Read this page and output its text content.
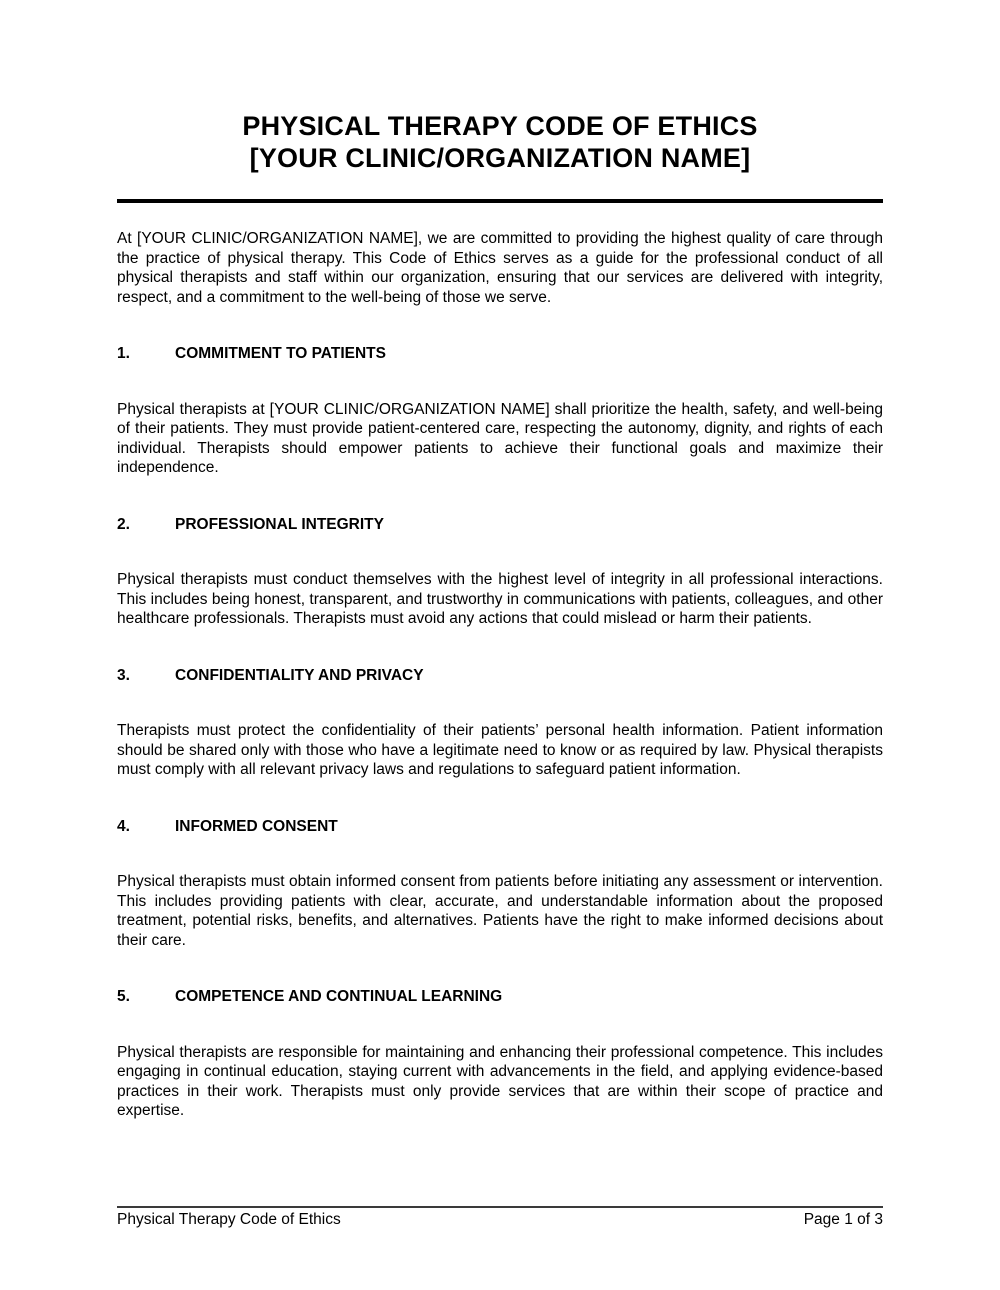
PHYSICAL THERAPY CODE OF ETHICS
[YOUR CLINIC/ORGANIZATION NAME]

At [YOUR CLINIC/ORGANIZATION NAME], we are committed to providing the highest quality of care through the practice of physical therapy. This Code of Ethics serves as a guide for the professional conduct of all physical therapists and staff within our organization, ensuring that our services are delivered with integrity, respect, and a commitment to the well-being of those we serve.

1.	COMMITMENT TO PATIENTS

Physical therapists at [YOUR CLINIC/ORGANIZATION NAME] shall prioritize the health, safety, and well-being of their patients. They must provide patient-centered care, respecting the autonomy, dignity, and rights of each individual. Therapists should empower patients to achieve their functional goals and maximize their independence.

2.	PROFESSIONAL INTEGRITY

Physical therapists must conduct themselves with the highest level of integrity in all professional interactions. This includes being honest, transparent, and trustworthy in communications with patients, colleagues, and other healthcare professionals. Therapists must avoid any actions that could mislead or harm their patients.

3.	CONFIDENTIALITY AND PRIVACY

Therapists must protect the confidentiality of their patients’ personal health information. Patient information should be shared only with those who have a legitimate need to know or as required by law. Physical therapists must comply with all relevant privacy laws and regulations to safeguard patient information.

4.	INFORMED CONSENT

Physical therapists must obtain informed consent from patients before initiating any assessment or intervention. This includes providing patients with clear, accurate, and understandable information about the proposed treatment, potential risks, benefits, and alternatives. Patients have the right to make informed decisions about their care.

5.	COMPETENCE AND CONTINUAL LEARNING

Physical therapists are responsible for maintaining and enhancing their professional competence. This includes engaging in continual education, staying current with advancements in the field, and applying evidence-based practices in their work. Therapists must only provide services that are within their scope of practice and expertise.

Physical Therapy Code of Ethics	Page 1 of 3
